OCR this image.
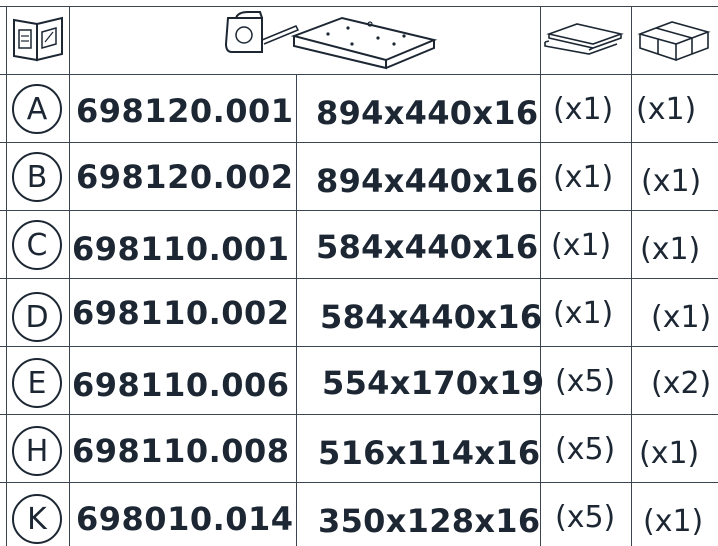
A 698120.001 894x440x16 (x1) (x1)
B 698120.002 894x440x16 (x1) (x1)
C 698110.001 584x440x16 (x1) (x1)
D 698110.002 584x440x16 (x1) (x1)
E 698110.006 554x170x19 (x5) (x2)
H 698110.008 516x114x16 (x5) (x1)
K 698010.014 350x128x16 (x5) (x1)
